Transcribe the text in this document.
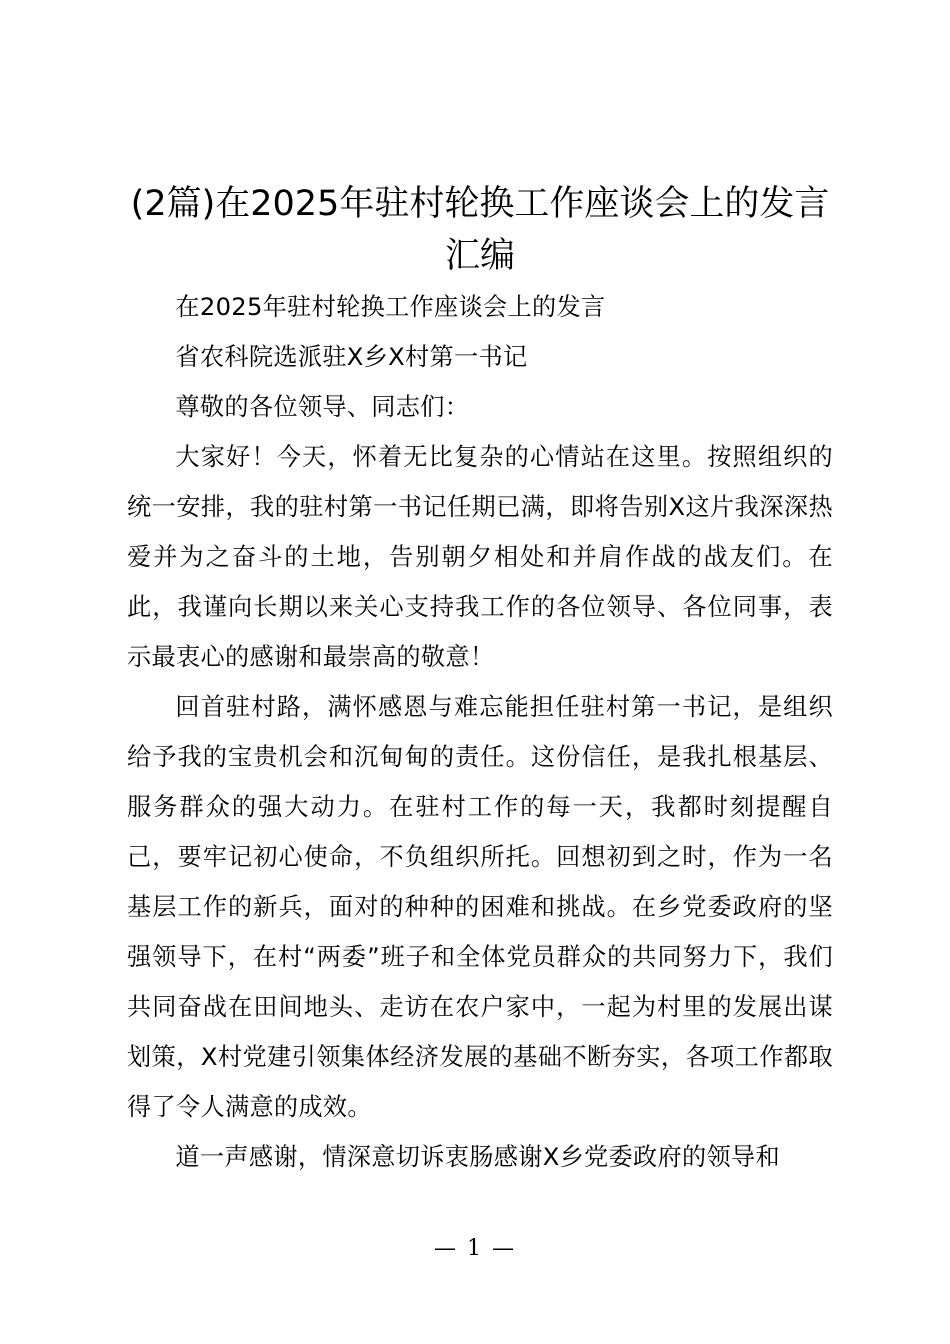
(2篇)在2025年驻村轮换工作座谈会上的发言汇编

在2025年驻村轮换工作座谈会上的发言

省农科院选派驻X乡X村第一书记

尊敬的各位领导、同志们：

大家好！今天，怀着无比复杂的心情站在这里。按照组织的统一安排，我的驻村第一书记任期已满，即将告别X这片我深深热爱并为之奋斗的土地，告别朝夕相处和并肩作战的战友们。在此，我谨向长期以来关心支持我工作的各位领导、各位同事，表示最衷心的感谢和最崇高的敬意！

回首驻村路，满怀感恩与难忘能担任驻村第一书记，是组织给予我的宝贵机会和沉甸甸的责任。这份信任，是我扎根基层、服务群众的强大动力。在驻村工作的每一天，我都时刻提醒自己，要牢记初心使命，不负组织所托。回想初到之时，作为一名基层工作的新兵，面对的种种的困难和挑战。在乡党委政府的坚强领导下，在村“两委”班子和全体党员群众的共同努力下，我们共同奋战在田间地头、走访在农户家中，一起为村里的发展出谋划策，X村党建引领集体经济发展的基础不断夯实，各项工作都取得了令人满意的成效。

道一声感谢，情深意切诉衷肠感谢X乡党委政府的领导和

— 1 —
